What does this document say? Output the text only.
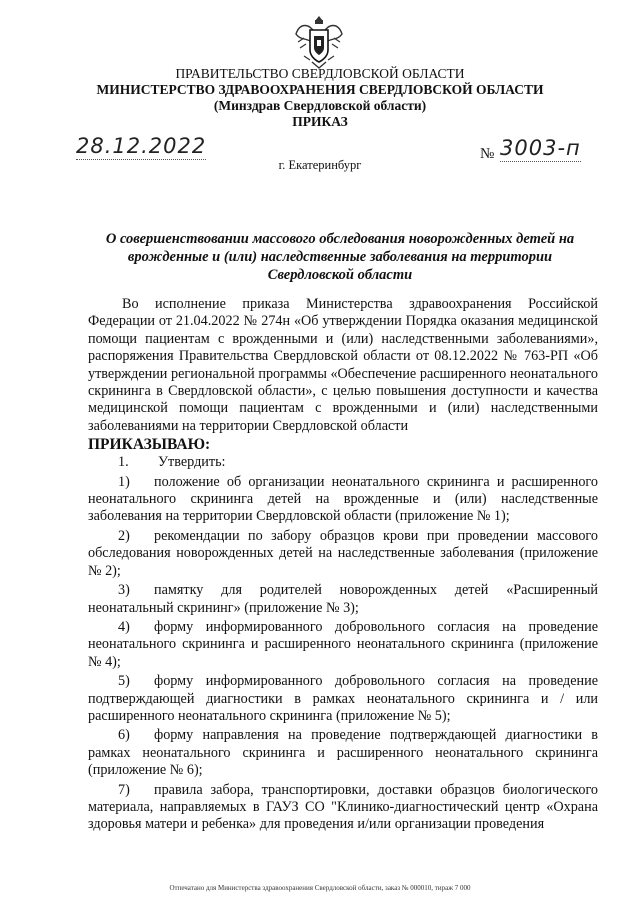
ПРАВИТЕЛЬСТВО СВЕРДЛОВСКОЙ ОБЛАСТИ
МИНИСТЕРСТВО ЗДРАВООХРАНЕНИЯ СВЕРДЛОВСКОЙ ОБЛАСТИ
(Минздрав Свердловской области)
ПРИКАЗ
28.12.2022	№ 3003-п
г. Екатеринбург
О совершенствовании массового обследования новорожденных детей на врожденные и (или) наследственные заболевания на территории Свердловской области

Во исполнение приказа Министерства здравоохранения Российской Федерации от 21.04.2022 № 274н «Об утверждении Порядка оказания медицинской помощи пациентам с врожденными и (или) наследственными заболеваниями», распоряжения Правительства Свердловской области от 08.12.2022 № 763-РП «Об утверждении региональной программы «Обеспечение расширенного неонатального скрининга в Свердловской области», с целью повышения доступности и качества медицинской помощи пациентам с врожденными и (или) наследственными заболеваниями на территории Свердловской области

ПРИКАЗЫВАЮ:

1. Утвердить:

1) положение об организации неонатального скрининга и расширенного неонатального скрининга детей на врожденные и (или) наследственные заболевания на территории Свердловской области (приложение № 1);

2) рекомендации по забору образцов крови при проведении массового обследования новорожденных детей на наследственные заболевания (приложение № 2);

3) памятку для родителей новорожденных детей «Расширенный неонатальный скрининг» (приложение № 3);

4) форму информированного добровольного согласия на проведение неонатального скрининга и расширенного неонатального скрининга (приложение № 4);

5) форму информированного добровольного согласия на проведение подтверждающей диагностики в рамках неонатального скрининга и / или расширенного неонатального скрининга (приложение № 5);

6) форму направления на проведение подтверждающей диагностики в рамках неонатального скрининга и расширенного неонатального скрининга (приложение № 6);

7) правила забора, транспортировки, доставки образцов биологического материала, направляемых в ГАУЗ СО "Клинико-диагностический центр «Охрана здоровья матери и ребенка» для проведения и/или организации проведения

Отпечатано для Министерства здравоохранения Свердловской области, заказ № 000010, тираж 7 000
